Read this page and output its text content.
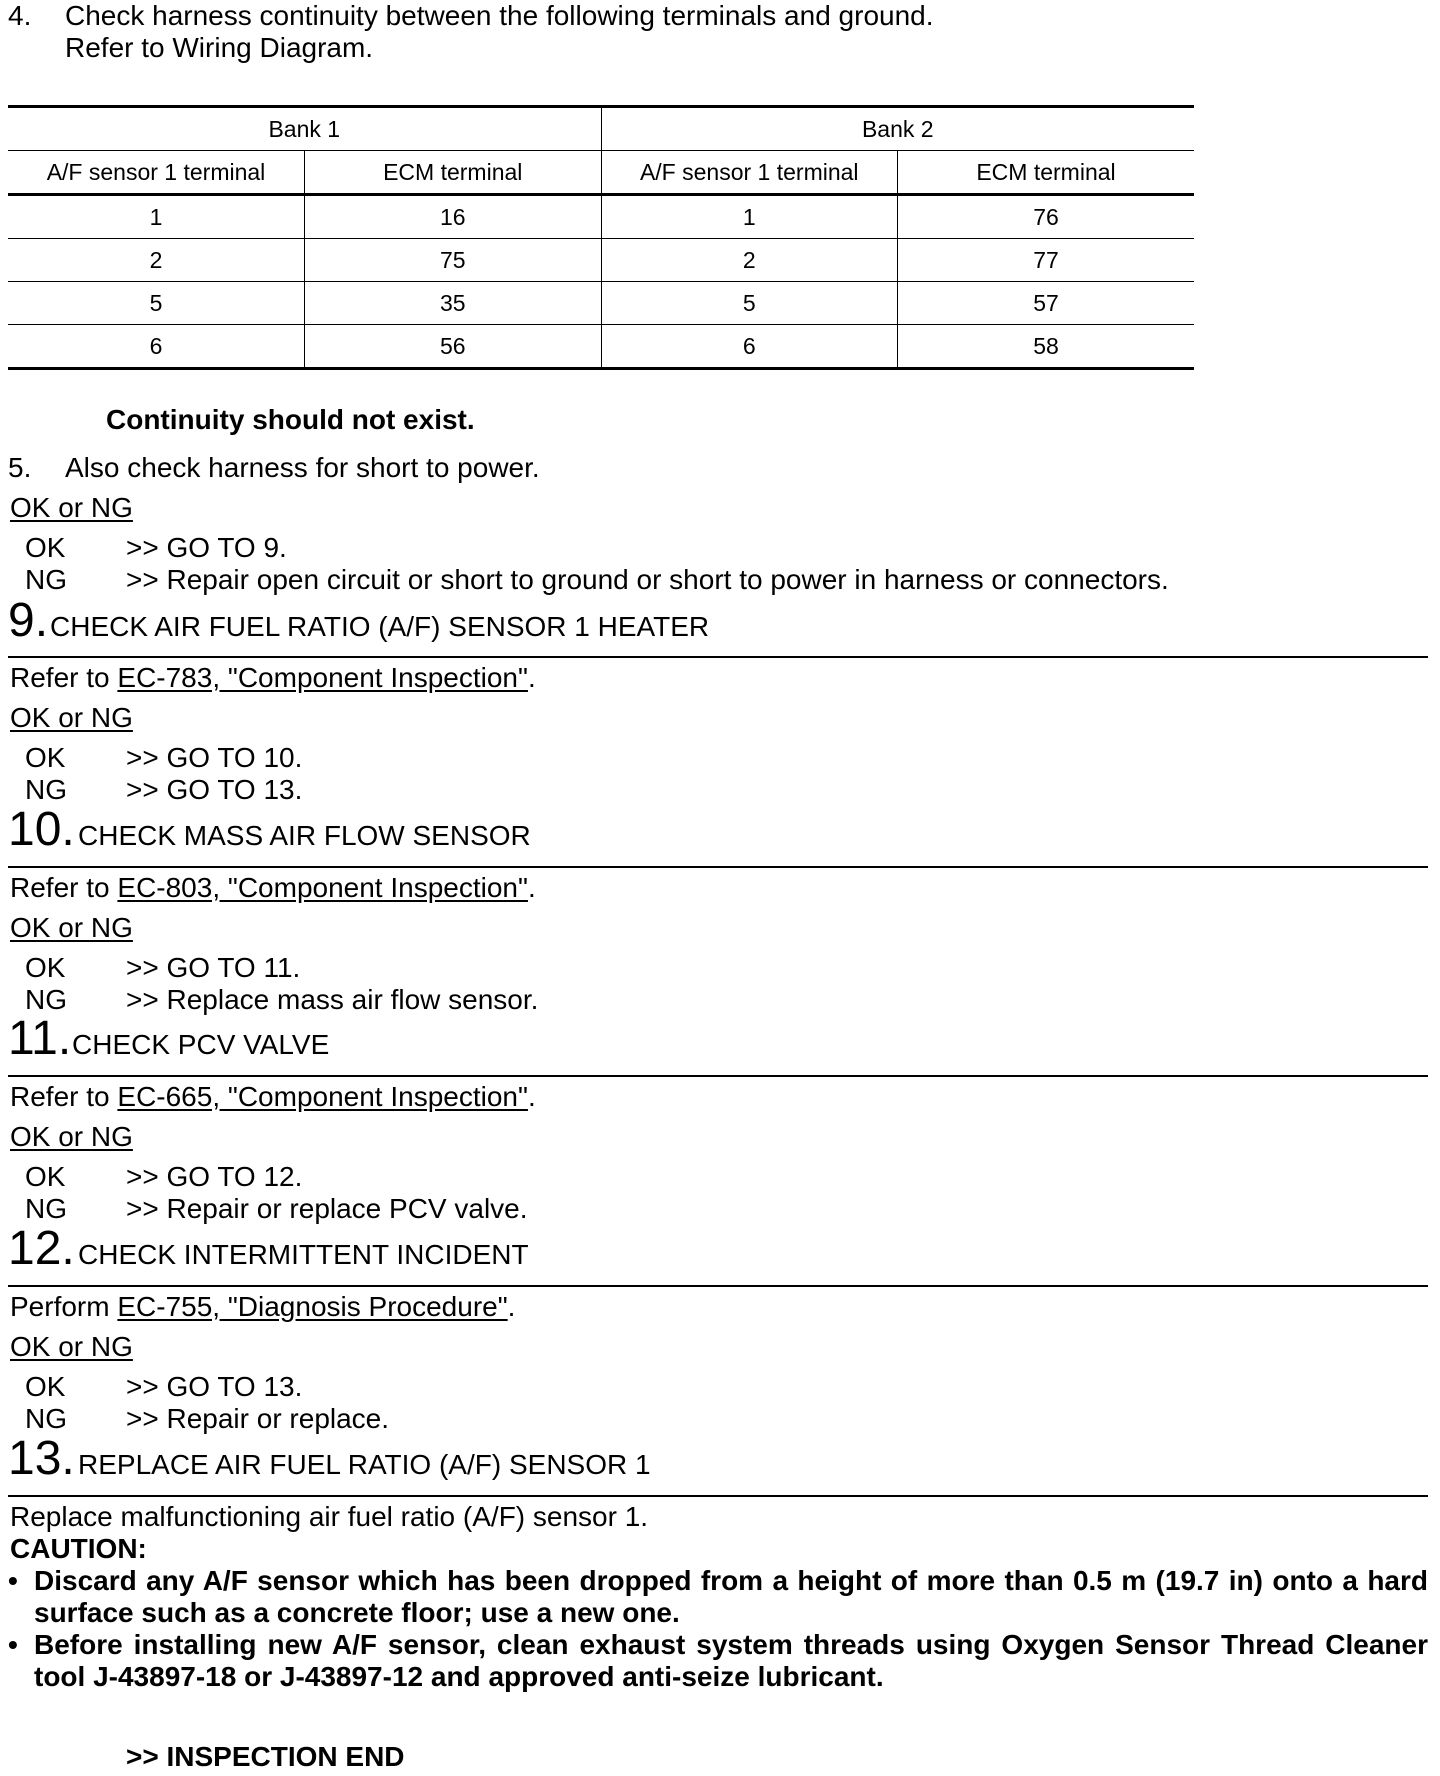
4. Check harness continuity between the following terminals and ground.
Refer to Wiring Diagram.
Bank 1		Bank 2	
A/F sensor 1 terminal	ECM terminal	A/F sensor 1 terminal	ECM terminal
1	16	1	76
2	75	2	77
5	35	5	57
6	56	6	58
Continuity should not exist.
5. Also check harness for short to power.
OK or NG
OK >> GO TO 9.
NG >> Repair open circuit or short to ground or short to power in harness or connectors.
9. CHECK AIR FUEL RATIO (A/F) SENSOR 1 HEATER
Refer to EC-783, "Component Inspection".
OK or NG
OK >> GO TO 10.
NG >> GO TO 13.
10. CHECK MASS AIR FLOW SENSOR
Refer to EC-803, "Component Inspection".
OK or NG
OK >> GO TO 11.
NG >> Replace mass air flow sensor.
11. CHECK PCV VALVE
Refer to EC-665, "Component Inspection".
OK or NG
OK >> GO TO 12.
NG >> Repair or replace PCV valve.
12. CHECK INTERMITTENT INCIDENT
Perform EC-755, "Diagnosis Procedure".
OK or NG
OK >> GO TO 13.
NG >> Repair or replace.
13. REPLACE AIR FUEL RATIO (A/F) SENSOR 1
Replace malfunctioning air fuel ratio (A/F) sensor 1.
CAUTION:
• Discard any A/F sensor which has been dropped from a height of more than 0.5 m (19.7 in) onto a hard surface such as a concrete floor; use a new one.
• Before installing new A/F sensor, clean exhaust system threads using Oxygen Sensor Thread Cleaner tool J-43897-18 or J-43897-12 and approved anti-seize lubricant.
>> INSPECTION END
